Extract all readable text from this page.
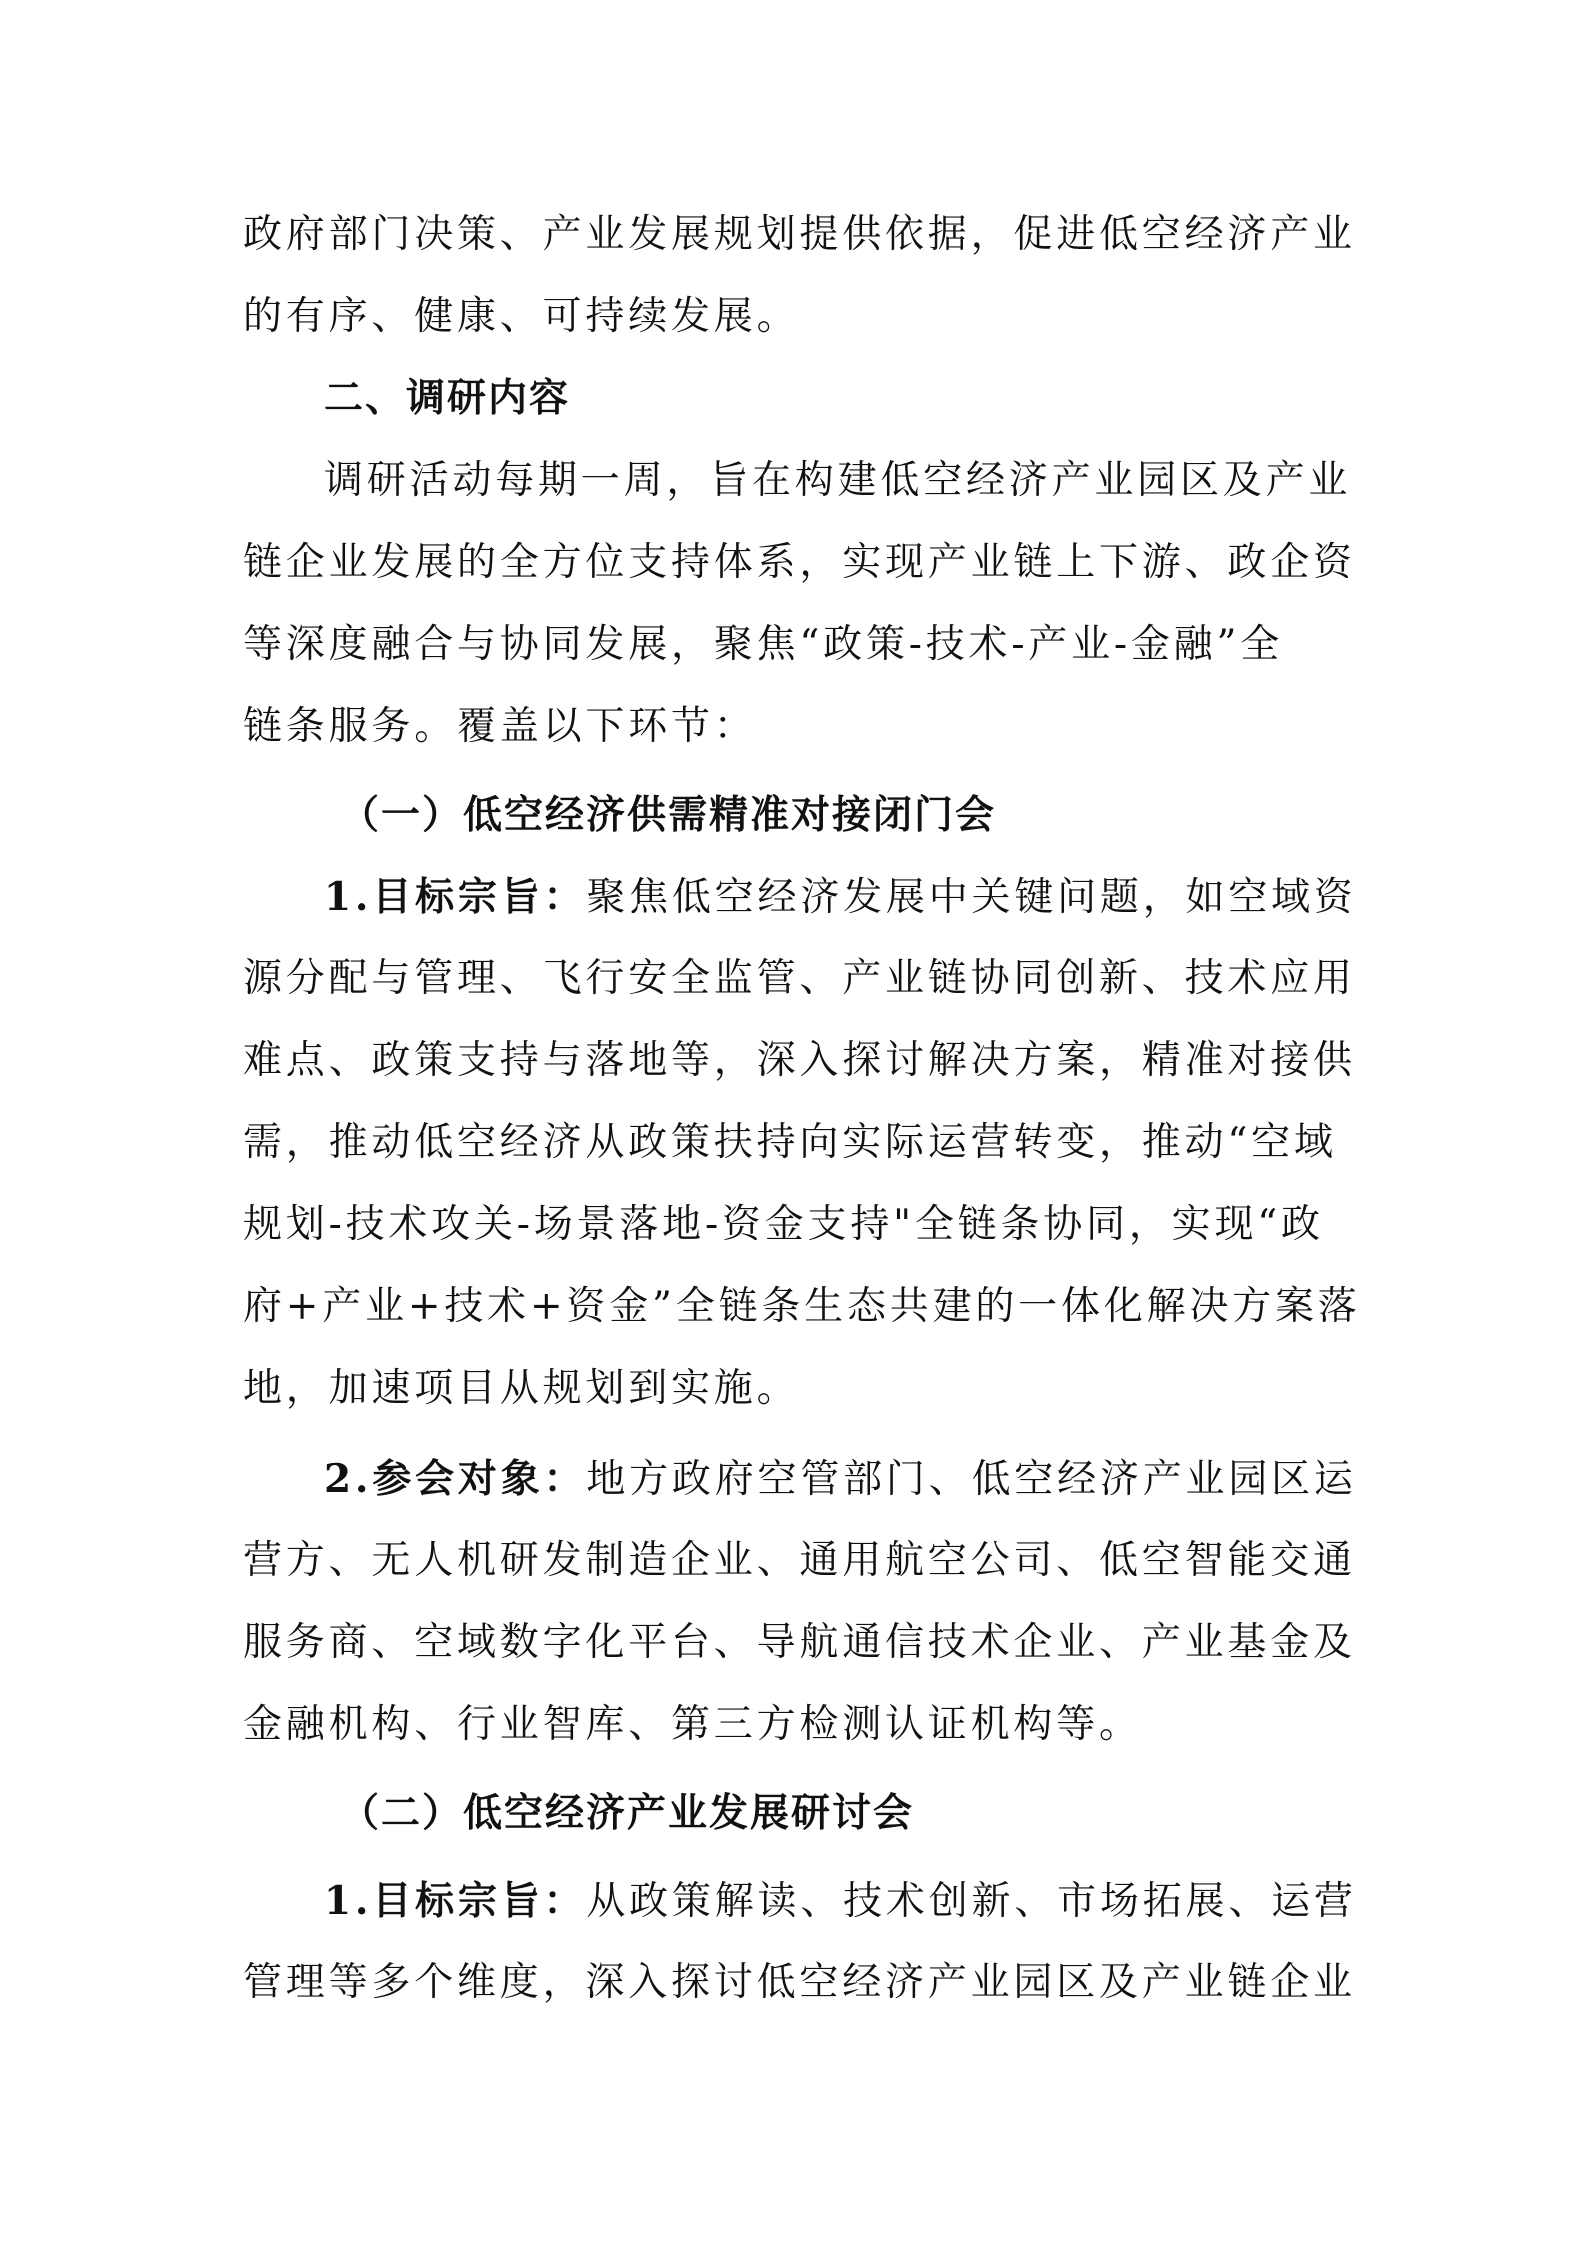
政府部门决策、产业发展规划提供依据，促进低空经济产业
的有序、健康、可持续发展。
二、调研内容
调研活动每期一周，旨在构建低空经济产业园区及产业
链企业发展的全方位支持体系，实现产业链上下游、政企资
等深度融合与协同发展，聚焦“政策-技术-产业-金融”全
链条服务。覆盖以下环节：
（一）低空经济供需精准对接闭门会
1.目标宗旨：聚焦低空经济发展中关键问题，如空域资
源分配与管理、飞行安全监管、产业链协同创新、技术应用
难点、政策支持与落地等，深入探讨解决方案，精准对接供
需，推动低空经济从政策扶持向实际运营转变，推动“空域
规划-技术攻关-场景落地-资金支持"全链条协同，实现“政
府+产业+技术+资金”全链条生态共建的一体化解决方案落
地，加速项目从规划到实施。
2.参会对象：地方政府空管部门、低空经济产业园区运
营方、无人机研发制造企业、通用航空公司、低空智能交通
服务商、空域数字化平台、导航通信技术企业、产业基金及
金融机构、行业智库、第三方检测认证机构等。
（二）低空经济产业发展研讨会
1.目标宗旨：从政策解读、技术创新、市场拓展、运营
管理等多个维度，深入探讨低空经济产业园区及产业链企业
